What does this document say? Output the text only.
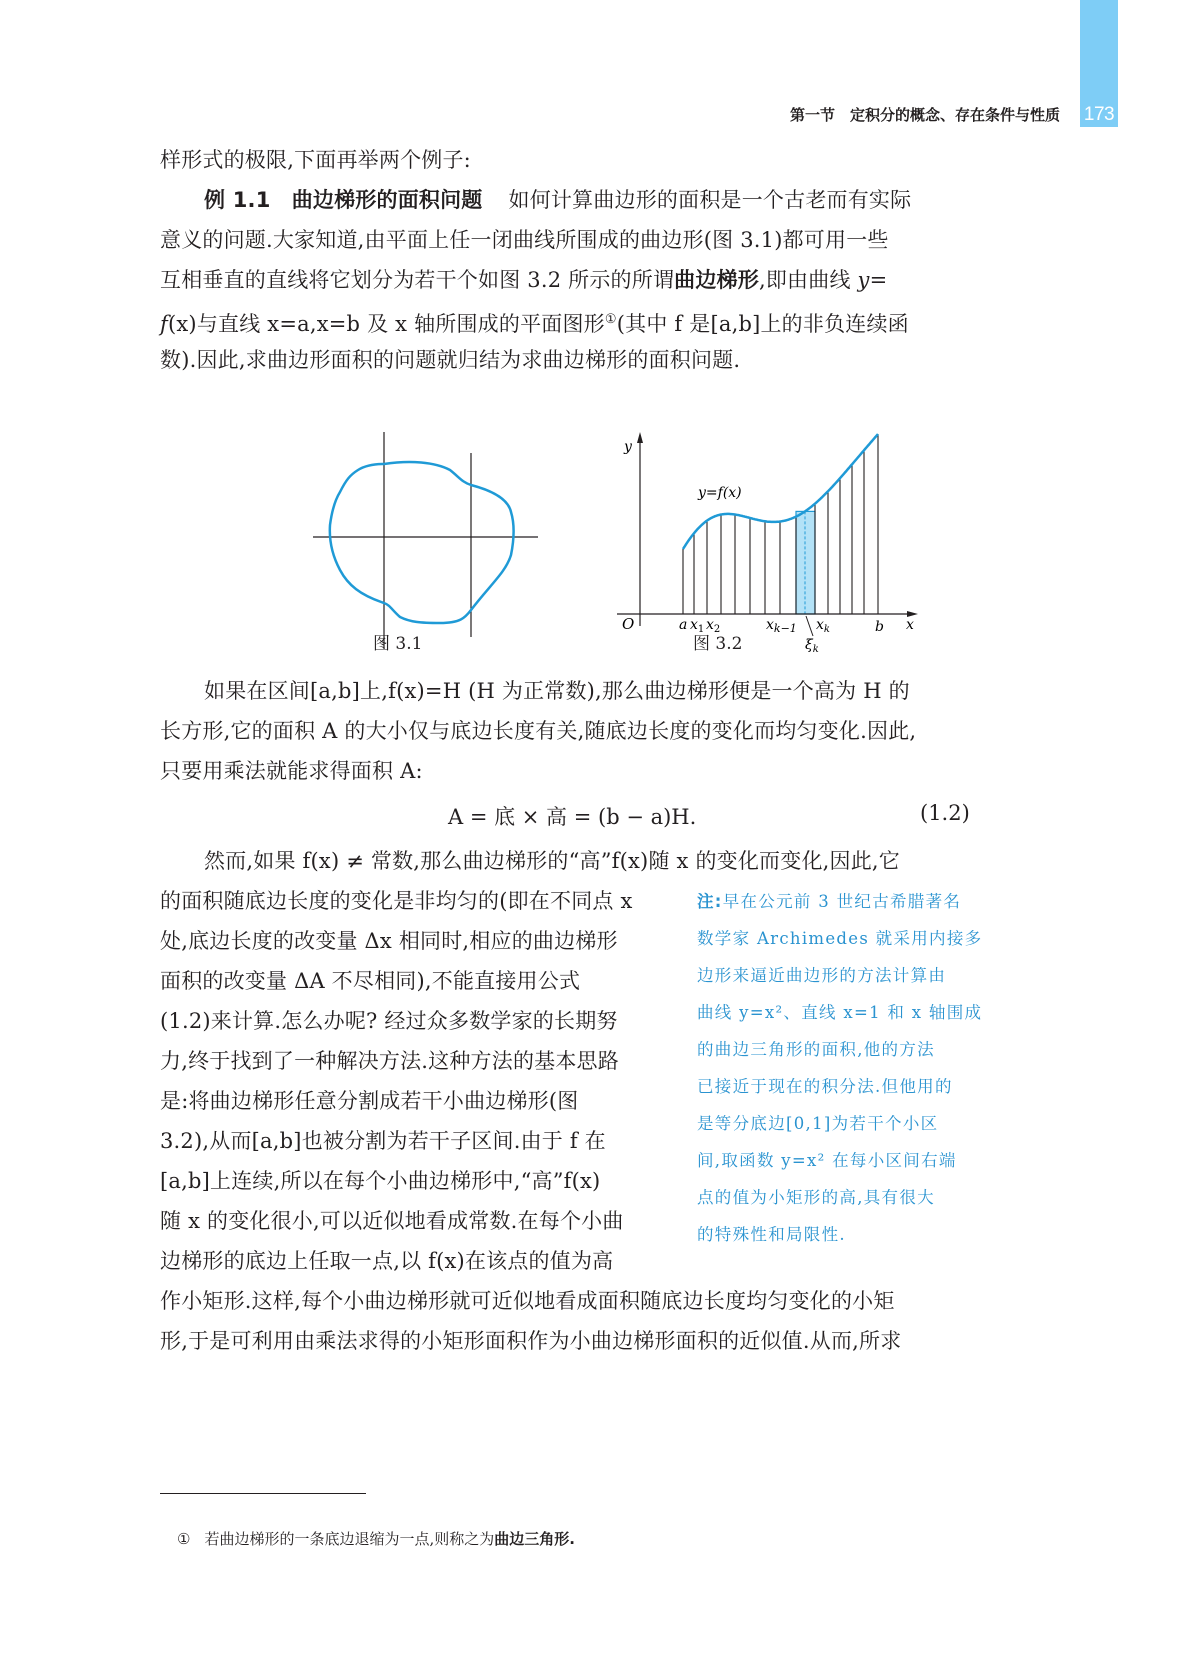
173
第一节　定积分的概念、存在条件与性质
样形式的极限,下面再举两个例子:
例 1.1　曲边梯形的面积问题 如何计算曲边形的面积是一个古老而有实际
意义的问题.大家知道,由平面上任一闭曲线所围成的曲边形(图 3.1)都可用一些
互相垂直的直线将它划分为若干个如图 3.2 所示的所谓曲边梯形,即由曲线 y=
f(x)与直线 x=a,x=b 及 x 轴所围成的平面图形①(其中 f 是[a,b]上的非负连续函
数).因此,求曲边形面积的问题就归结为求曲边梯形的面积问题.
图 3.1
y
y=f(x)
O	a $x_1$ $x_2$	$x_{k-1}$ $x_k$	b x
$\xi_k$
图 3.2
如果在区间[a,b]上,f(x)=H (H 为正常数),那么曲边梯形便是一个高为 H 的
长方形,它的面积 A 的大小仅与底边长度有关,随底边长度的变化而均匀变化.因此,
只要用乘法就能求得面积 A:
A = 底 × 高 = (b − a)H.	(1.2)
然而,如果 f(x) ≠ 常数,那么曲边梯形的“高”f(x)随 x 的变化而变化,因此,它
的面积随底边长度的变化是非均匀的(即在不同点 x
处,底边长度的改变量 Δx 相同时,相应的曲边梯形
面积的改变量 ΔA 不尽相同),不能直接用公式
(1.2)来计算.怎么办呢? 经过众多数学家的长期努
力,终于找到了一种解决方法.这种方法的基本思路
是:将曲边梯形任意分割成若干小曲边梯形(图
3.2),从而[a,b]也被分割为若干子区间.由于 f 在
[a,b]上连续,所以在每个小曲边梯形中,“高”f(x)
随 x 的变化很小,可以近似地看成常数.在每个小曲
边梯形的底边上任取一点,以 f(x)在该点的值为高
作小矩形.这样,每个小曲边梯形就可近似地看成面积随底边长度均匀变化的小矩
形,于是可利用由乘法求得的小矩形面积作为小曲边梯形面积的近似值.从而,所求
注:早在公元前 3 世纪古希腊著名
数学家 Archimedes 就采用内接多
边形来逼近曲边形的方法计算由
曲线 y=x²、直线 x=1 和 x 轴围成
的曲边三角形的面积,他的方法
已接近于现在的积分法.但他用的
是等分底边[0,1]为若干个小区
间,取函数 y=x² 在每小区间右端
点的值为小矩形的高,具有很大
的特殊性和局限性.
① 若曲边梯形的一条底边退缩为一点,则称之为曲边三角形.
